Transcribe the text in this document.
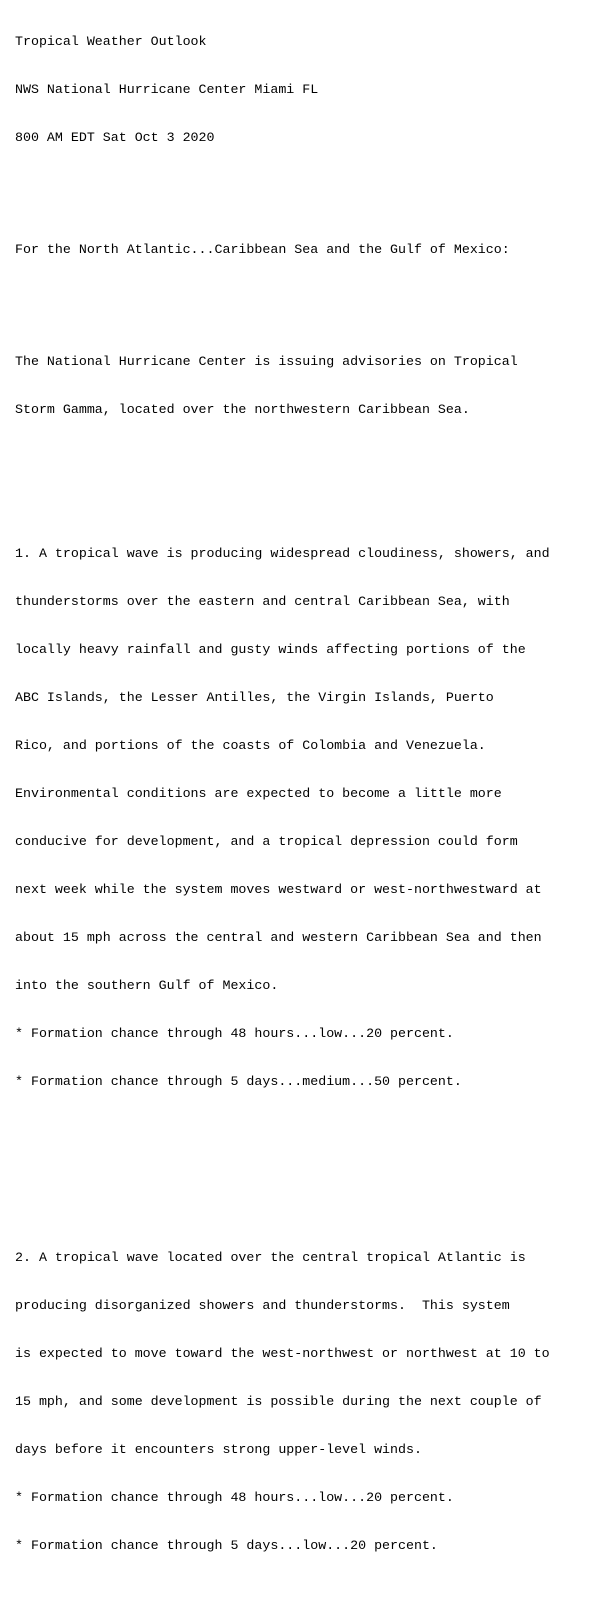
Tropical Weather Outlook

NWS National Hurricane Center Miami FL

800 AM EDT Sat Oct 3 2020

For the North Atlantic...Caribbean Sea and the Gulf of Mexico:

The National Hurricane Center is issuing advisories on Tropical

Storm Gamma, located over the northwestern Caribbean Sea.

1. A tropical wave is producing widespread cloudiness, showers, and

thunderstorms over the eastern and central Caribbean Sea, with

locally heavy rainfall and gusty winds affecting portions of the

ABC Islands, the Lesser Antilles, the Virgin Islands, Puerto

Rico, and portions of the coasts of Colombia and Venezuela.

Environmental conditions are expected to become a little more

conducive for development, and a tropical depression could form

next week while the system moves westward or west-northwestward at

about 15 mph across the central and western Caribbean Sea and then

into the southern Gulf of Mexico.

* Formation chance through 48 hours...low...20 percent.

* Formation chance through 5 days...medium...50 percent.

2. A tropical wave located over the central tropical Atlantic is

producing disorganized showers and thunderstorms.  This system

is expected to move toward the west-northwest or northwest at 10 to

15 mph, and some development is possible during the next couple of

days before it encounters strong upper-level winds.

* Formation chance through 48 hours...low...20 percent.

* Formation chance through 5 days...low...20 percent.
